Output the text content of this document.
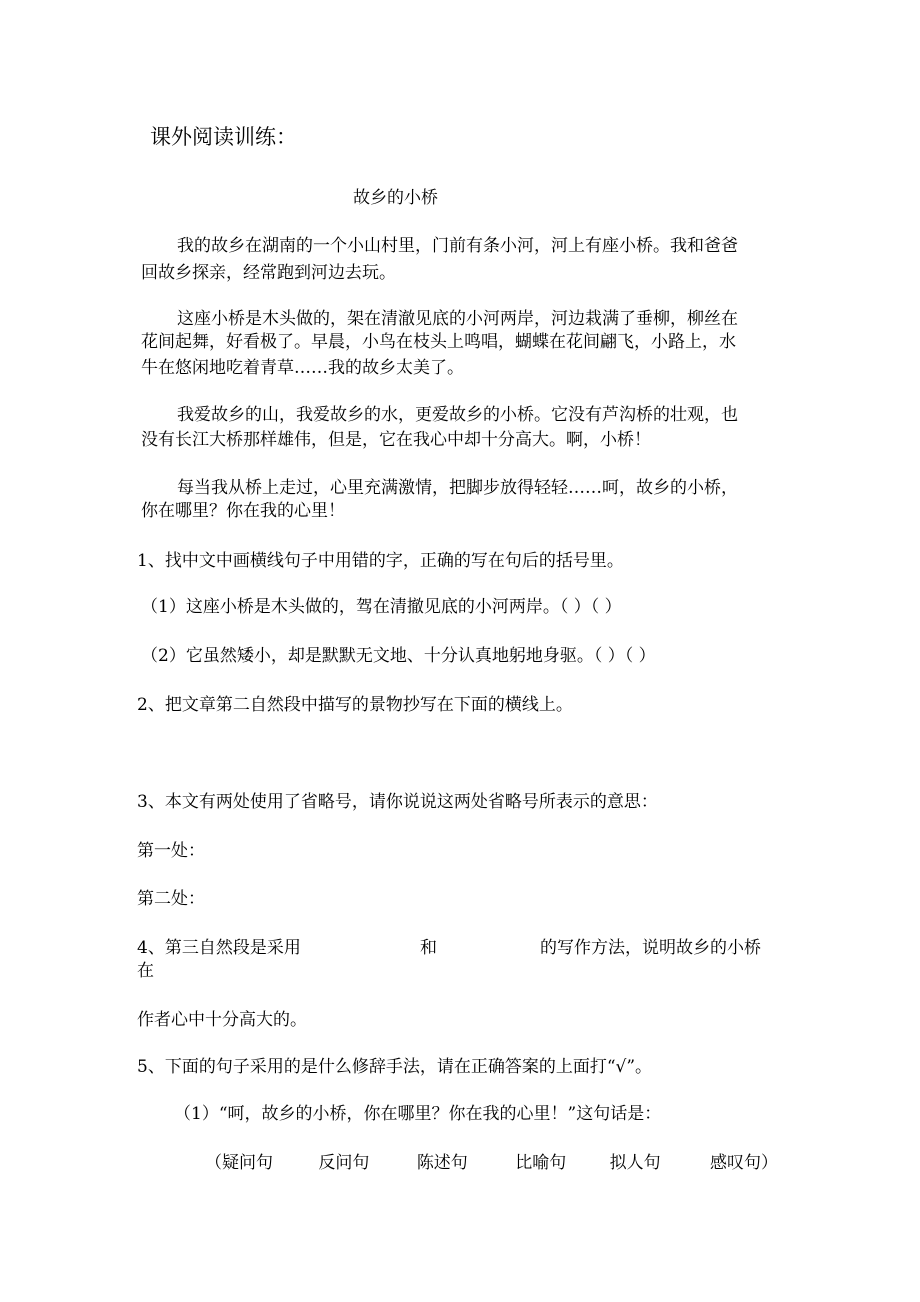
课外阅读训练：
故乡的小桥
我的故乡在湖南的一个小山村里，门前有条小河，河上有座小桥。我和爸爸
回故乡探亲，经常跑到河边去玩。
这座小桥是木头做的，架在清澈见底的小河两岸，河边栽满了垂柳，柳丝在
花间起舞，好看极了。早晨，小鸟在枝头上鸣唱，蝴蝶在花间翩飞，小路上，水
牛在悠闲地吃着青草……我的故乡太美了。
我爱故乡的山，我爱故乡的水，更爱故乡的小桥。它没有芦沟桥的壮观，也
没有长江大桥那样雄伟，但是，它在我心中却十分高大。啊，小桥！
每当我从桥上走过，心里充满激情，把脚步放得轻轻……呵，故乡的小桥，
你在哪里？你在我的心里！
1、找中文中画横线句子中用错的字，正确的写在句后的括号里。
（1）这座小桥是木头做的，驾在清撤见底的小河两岸。（ ）（ ）
（2）它虽然矮小，却是默默无文地、十分认真地躬地身驱。（ ）（ ）
2、把文章第二自然段中描写的景物抄写在下面的横线上。
3、本文有两处使用了省略号，请你说说这两处省略号所表示的意思：
第一处：
第二处：
4、第三自然段是采用	和	的写作方法，说明故乡的小桥
在
作者心中十分高大的。
5、下面的句子采用的是什么修辞手法，请在正确答案的上面打“√”。
（1）“呵，故乡的小桥，你在哪里？你在我的心里！”这句话是：
（疑问句	反问句	陈述句	比喻句	拟人句	感叹句）
